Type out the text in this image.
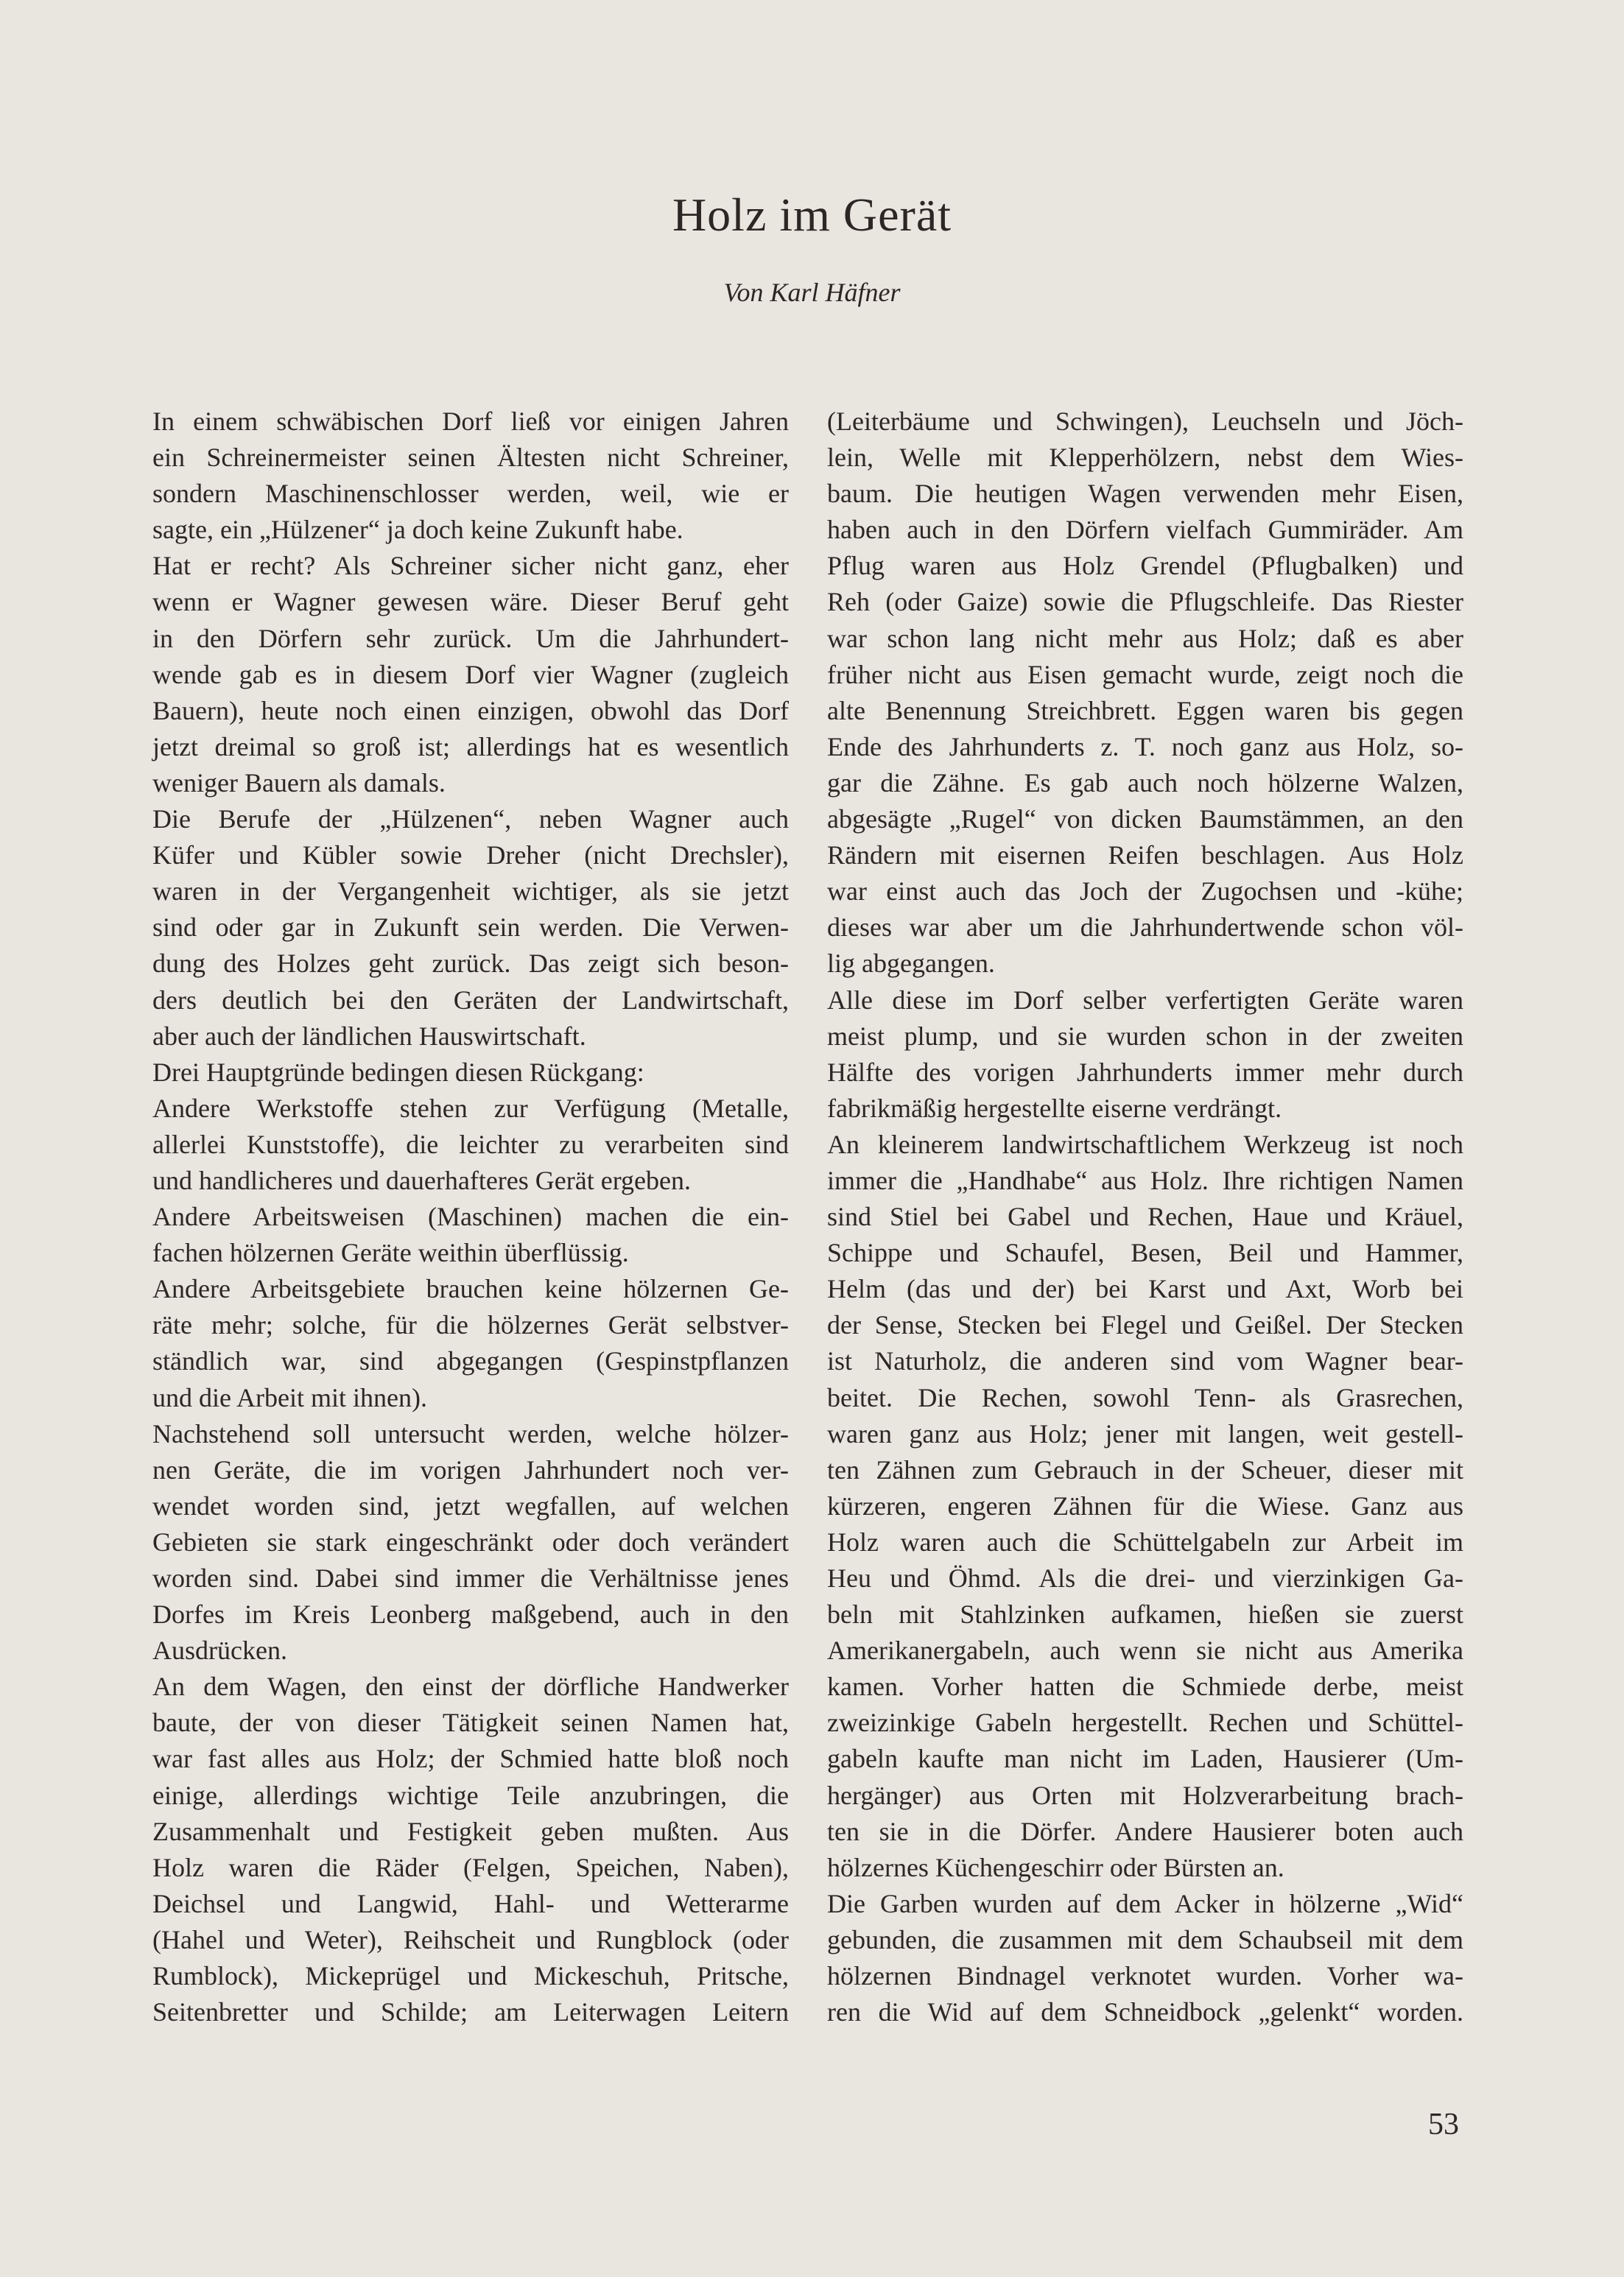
Holz im Gerät
Von Karl Häfner
In einem schwäbischen Dorf ließ vor einigen Jahren
ein Schreinermeister seinen Ältesten nicht Schreiner,
sondern Maschinenschlosser werden, weil, wie er
sagte, ein „Hülzener“ ja doch keine Zukunft habe.
Hat er recht? Als Schreiner sicher nicht ganz, eher
wenn er Wagner gewesen wäre. Dieser Beruf geht
in den Dörfern sehr zurück. Um die Jahrhundert-
wende gab es in diesem Dorf vier Wagner (zugleich
Bauern), heute noch einen einzigen, obwohl das Dorf
jetzt dreimal so groß ist; allerdings hat es wesentlich
weniger Bauern als damals.
Die Berufe der „Hülzenen“, neben Wagner auch
Küfer und Kübler sowie Dreher (nicht Drechsler),
waren in der Vergangenheit wichtiger, als sie jetzt
sind oder gar in Zukunft sein werden. Die Verwen-
dung des Holzes geht zurück. Das zeigt sich beson-
ders deutlich bei den Geräten der Landwirtschaft,
aber auch der ländlichen Hauswirtschaft.
Drei Hauptgründe bedingen diesen Rückgang:
Andere Werkstoffe stehen zur Verfügung (Metalle,
allerlei Kunststoffe), die leichter zu verarbeiten sind
und handlicheres und dauerhafteres Gerät ergeben.
Andere Arbeitsweisen (Maschinen) machen die ein-
fachen hölzernen Geräte weithin überflüssig.
Andere Arbeitsgebiete brauchen keine hölzernen Ge-
räte mehr; solche, für die hölzernes Gerät selbstver-
ständlich war, sind abgegangen (Gespinstpflanzen
und die Arbeit mit ihnen).
Nachstehend soll untersucht werden, welche hölzer-
nen Geräte, die im vorigen Jahrhundert noch ver-
wendet worden sind, jetzt wegfallen, auf welchen
Gebieten sie stark eingeschränkt oder doch verändert
worden sind. Dabei sind immer die Verhältnisse jenes
Dorfes im Kreis Leonberg maßgebend, auch in den
Ausdrücken.
An dem Wagen, den einst der dörfliche Handwerker
baute, der von dieser Tätigkeit seinen Namen hat,
war fast alles aus Holz; der Schmied hatte bloß noch
einige, allerdings wichtige Teile anzubringen, die
Zusammenhalt und Festigkeit geben mußten. Aus
Holz waren die Räder (Felgen, Speichen, Naben),
Deichsel und Langwid, Hahl- und Wetterarme
(Hahel und Weter), Reihscheit und Rungblock (oder
Rumblock), Mickeprügel und Mickeschuh, Pritsche,
Seitenbretter und Schilde; am Leiterwagen Leitern
(Leiterbäume und Schwingen), Leuchseln und Jöch-
lein, Welle mit Klepperhölzern, nebst dem Wies-
baum. Die heutigen Wagen verwenden mehr Eisen,
haben auch in den Dörfern vielfach Gummiräder. Am
Pflug waren aus Holz Grendel (Pflugbalken) und
Reh (oder Gaize) sowie die Pflugschleife. Das Riester
war schon lang nicht mehr aus Holz; daß es aber
früher nicht aus Eisen gemacht wurde, zeigt noch die
alte Benennung Streichbrett. Eggen waren bis gegen
Ende des Jahrhunderts z. T. noch ganz aus Holz, so-
gar die Zähne. Es gab auch noch hölzerne Walzen,
abgesägte „Rugel“ von dicken Baumstämmen, an den
Rändern mit eisernen Reifen beschlagen. Aus Holz
war einst auch das Joch der Zugochsen und -kühe;
dieses war aber um die Jahrhundertwende schon völ-
lig abgegangen.
Alle diese im Dorf selber verfertigten Geräte waren
meist plump, und sie wurden schon in der zweiten
Hälfte des vorigen Jahrhunderts immer mehr durch
fabrikmäßig hergestellte eiserne verdrängt.
An kleinerem landwirtschaftlichem Werkzeug ist noch
immer die „Handhabe“ aus Holz. Ihre richtigen Namen
sind Stiel bei Gabel und Rechen, Haue und Kräuel,
Schippe und Schaufel, Besen, Beil und Hammer,
Helm (das und der) bei Karst und Axt, Worb bei
der Sense, Stecken bei Flegel und Geißel. Der Stecken
ist Naturholz, die anderen sind vom Wagner bear-
beitet. Die Rechen, sowohl Tenn- als Grasrechen,
waren ganz aus Holz; jener mit langen, weit gestell-
ten Zähnen zum Gebrauch in der Scheuer, dieser mit
kürzeren, engeren Zähnen für die Wiese. Ganz aus
Holz waren auch die Schüttelgabeln zur Arbeit im
Heu und Öhmd. Als die drei- und vierzinkigen Ga-
beln mit Stahlzinken aufkamen, hießen sie zuerst
Amerikanergabeln, auch wenn sie nicht aus Amerika
kamen. Vorher hatten die Schmiede derbe, meist
zweizinkige Gabeln hergestellt. Rechen und Schüttel-
gabeln kaufte man nicht im Laden, Hausierer (Um-
hergänger) aus Orten mit Holzverarbeitung brach-
ten sie in die Dörfer. Andere Hausierer boten auch
hölzernes Küchengeschirr oder Bürsten an.
Die Garben wurden auf dem Acker in hölzerne „Wid“
gebunden, die zusammen mit dem Schaubseil mit dem
hölzernen Bindnagel verknotet wurden. Vorher wa-
ren die Wid auf dem Schneidbock „gelenkt“ worden.
53
